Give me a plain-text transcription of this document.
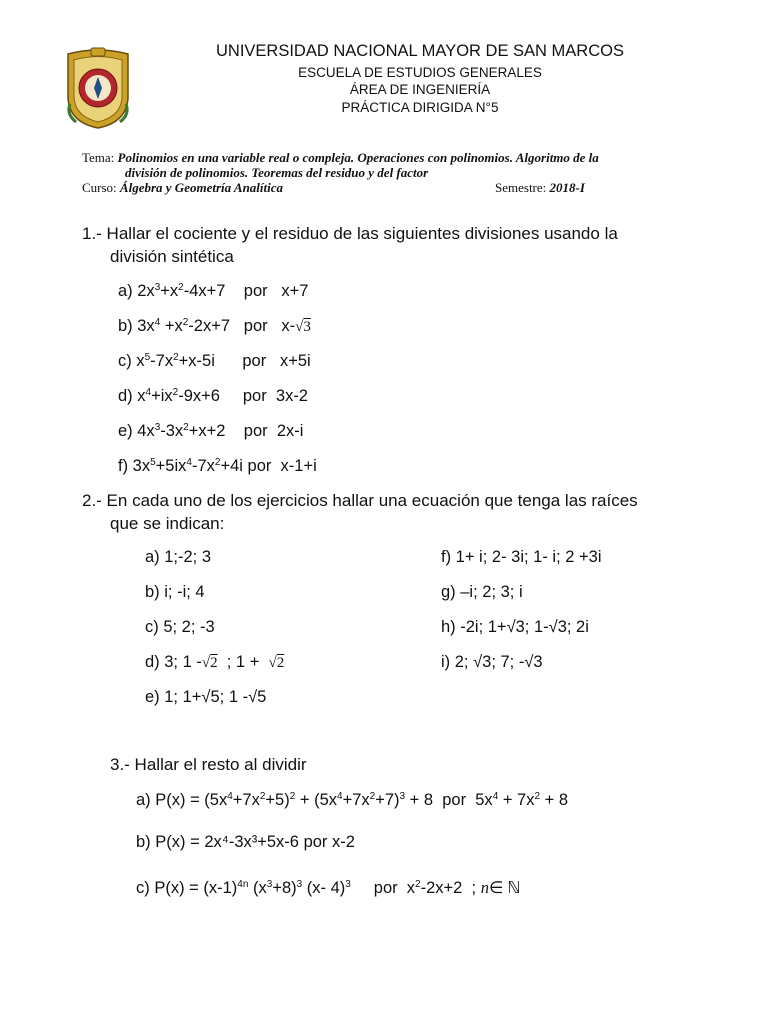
UNIVERSIDAD NACIONAL MAYOR DE SAN MARCOS
ESCUELA DE ESTUDIOS GENERALES
ÁREA DE INGENIERÍA
PRÁCTICA DIRIGIDA N°5
Tema: Polinomios en una variable real o compleja. Operaciones con polinomios. Algoritmo de la
división de polinomios. Teoremas del residuo y del factor
Curso: Álgebra y Geometría Analítica	Semestre: 2018-I
1.- Hallar el cociente y el residuo de las siguientes divisiones usando la
división sintética
a) $2x^3+x^2-4x+7$    por x+7
b) $3x^4 +x^2-2x+7$   por x-√3
c) $x^5-7x^2+x-5i$      por x+5i
d) $x^4+ix^2-9x+6$     por 3x-2
e) $4x^3-3x^2+x+2$    por 2x-i
f) $3x^5+5ix^4-7x^2+4i$ por x-1+i
2.- En cada uno de los ejercicios hallar una ecuación que tenga las raíces
que se indican:
a) 1;-2; 3
b) i; -i; 4
c) 5; 2; -3
d) 3; 1 -√2  ; 1 +  √2
e) 1; 1+√5; 1 -√5
f) 1+ i; 2- 3i; 1- i; 2 +3i
g) –i; 2; 3; i
h) -2i; 1+√3; 1-√3; 2i
i) 2; √3; 7; -√3
3.- Hallar el resto al dividir
a) $P(x) = (5x^4+7x^2+5)^2 + (5x^4+7x^2+7)^3 + 8$  por  $5x^4 + 7x^2 + 8$
b) P(x) = 2x⁴-3x³+5x-6 por x-2
c) $P(x) = (x-1)^{4n}$ $(x^3+8)^3$ (x- 4)$^3$     por  $x^2-2x+2$  ; n∈ ℕ
